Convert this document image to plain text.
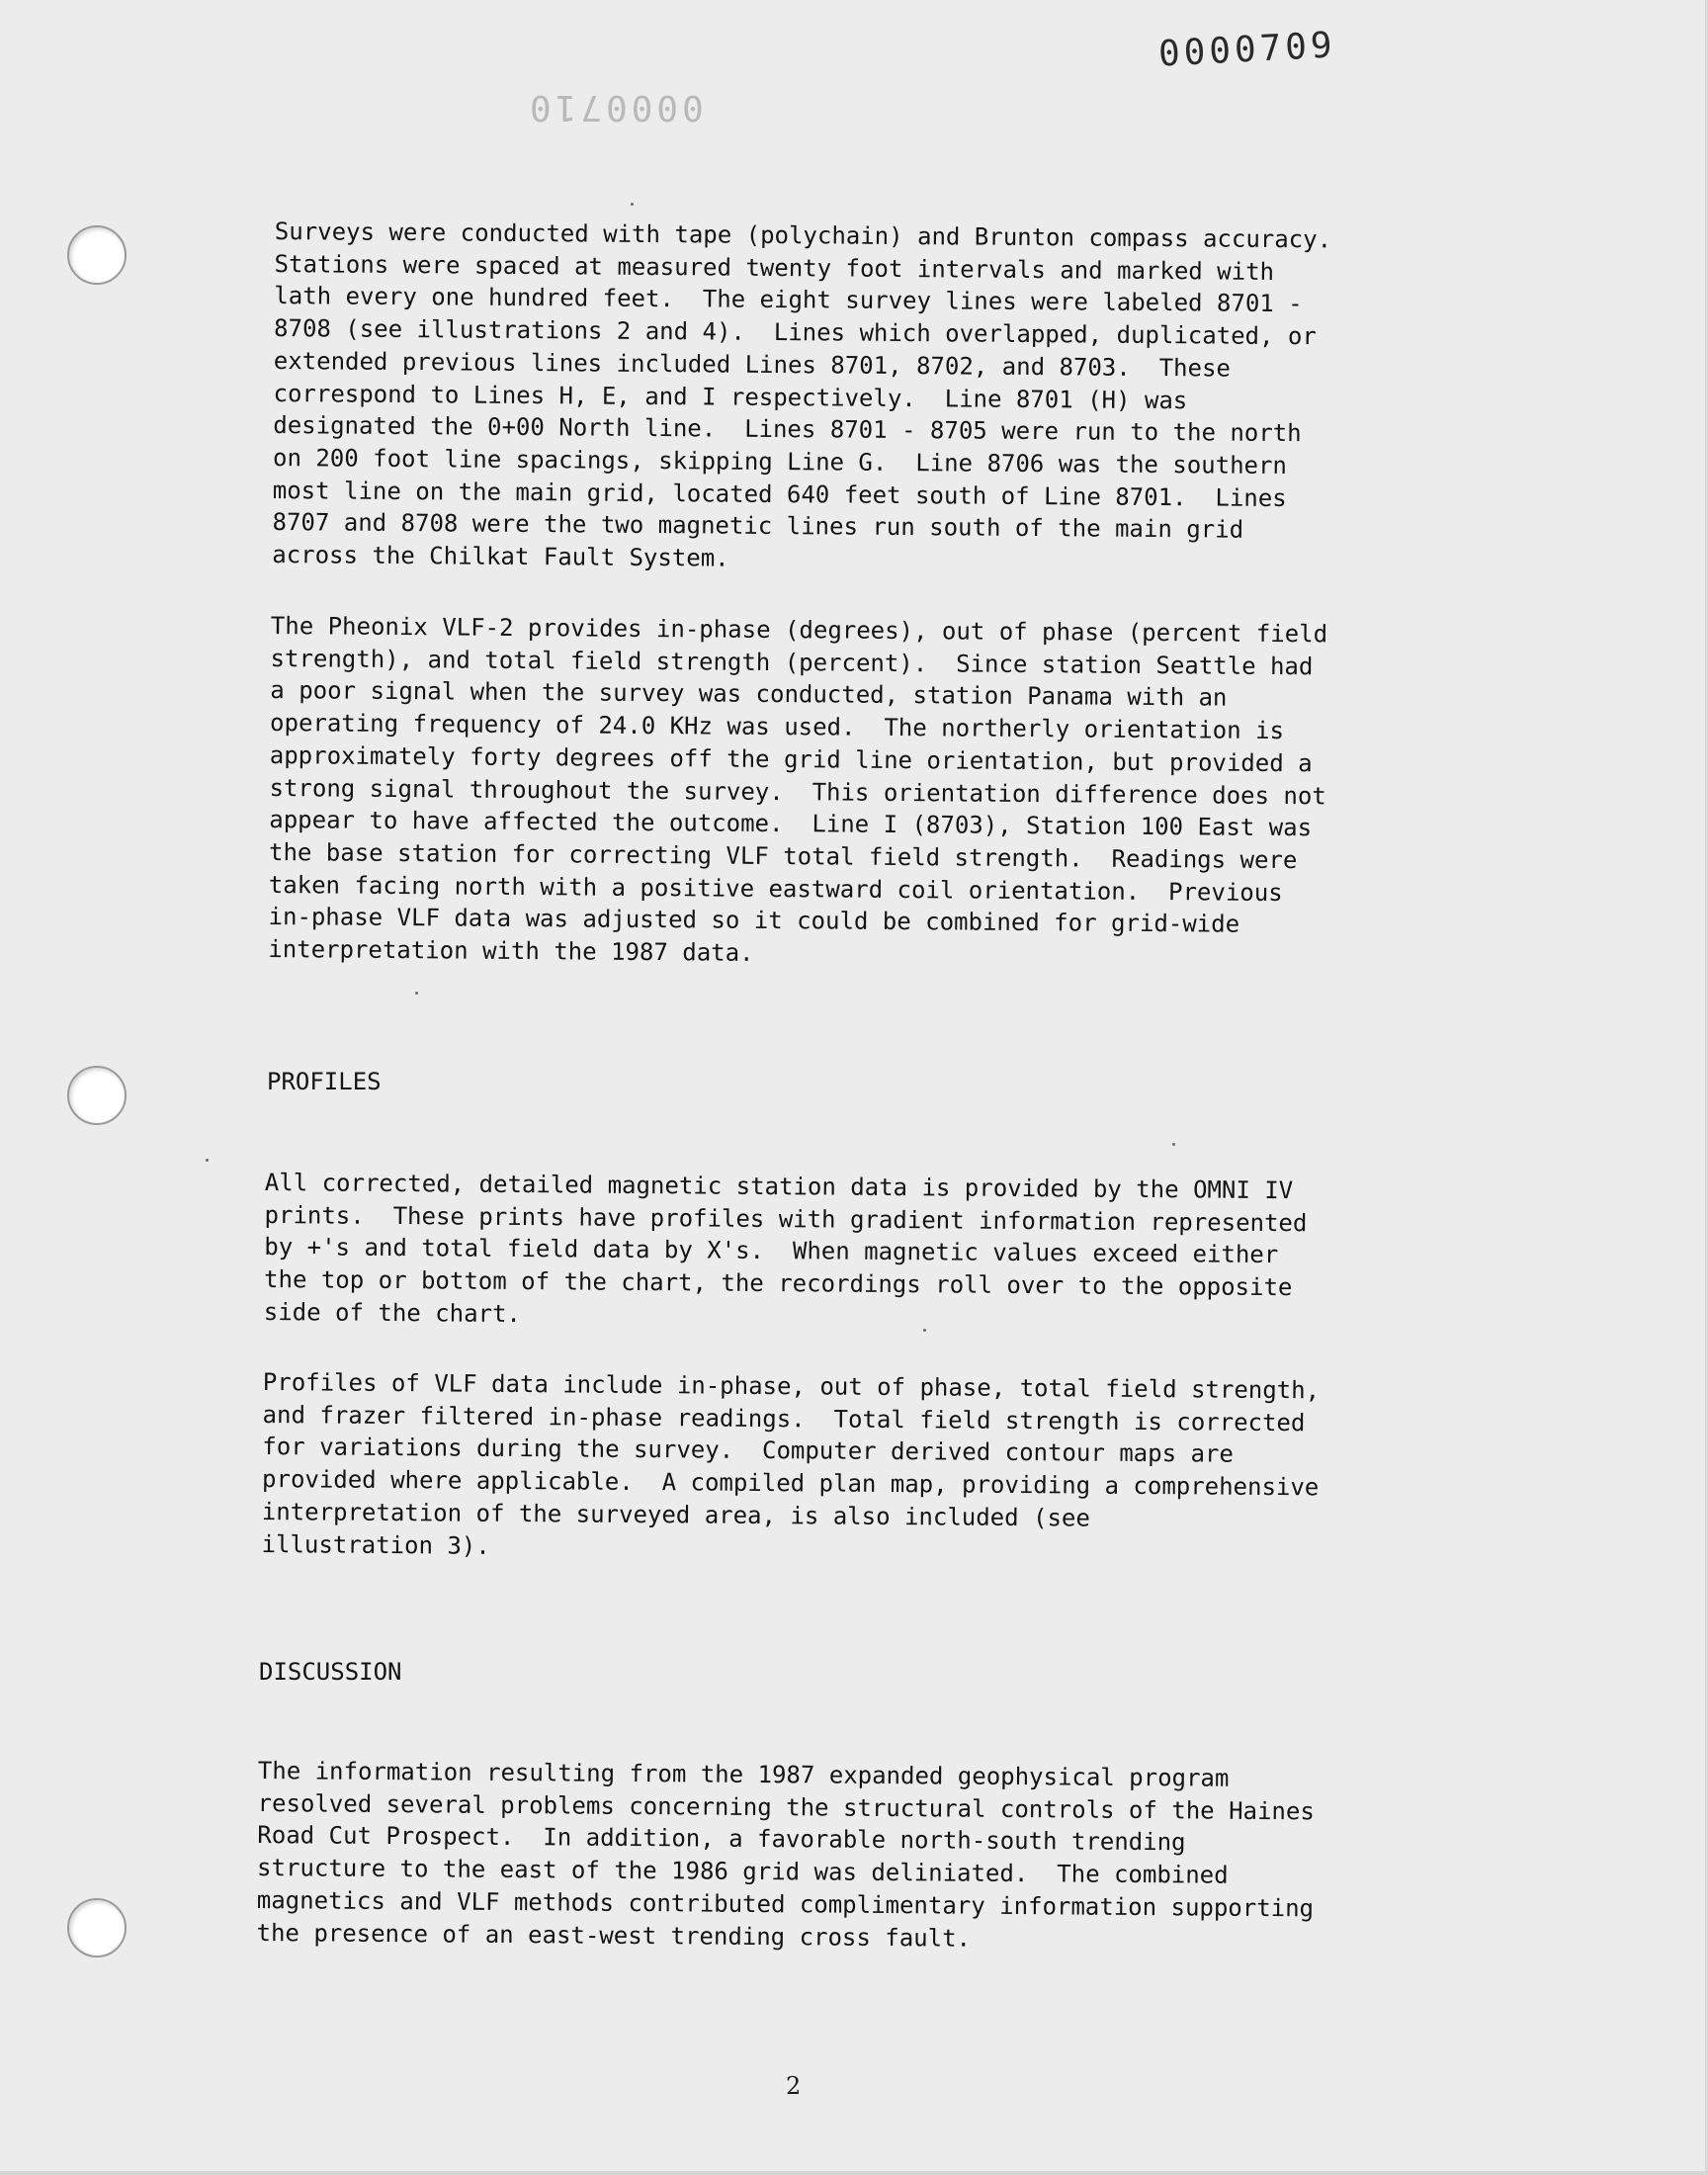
0000710
0000709

Surveys were conducted with tape (polychain) and Brunton compass accuracy.
Stations were spaced at measured twenty foot intervals and marked with
lath every one hundred feet.  The eight survey lines were labeled 8701 -
8708 (see illustrations 2 and 4).  Lines which overlapped, duplicated, or
extended previous lines included Lines 8701, 8702, and 8703.  These
correspond to Lines H, E, and I respectively.  Line 8701 (H) was
designated the 0+00 North line.  Lines 8701 - 8705 were run to the north
on 200 foot line spacings, skipping Line G.  Line 8706 was the southern
most line on the main grid, located 640 feet south of Line 8701.  Lines
8707 and 8708 were the two magnetic lines run south of the main grid
across the Chilkat Fault System.

The Pheonix VLF-2 provides in-phase (degrees), out of phase (percent field
strength), and total field strength (percent).  Since station Seattle had
a poor signal when the survey was conducted, station Panama with an
operating frequency of 24.0 KHz was used.  The northerly orientation is
approximately forty degrees off the grid line orientation, but provided a
strong signal throughout the survey.  This orientation difference does not
appear to have affected the outcome.  Line I (8703), Station 100 East was
the base station for correcting VLF total field strength.  Readings were
taken facing north with a positive eastward coil orientation.  Previous
in-phase VLF data was adjusted so it could be combined for grid-wide
interpretation with the 1987 data.

PROFILES

All corrected, detailed magnetic station data is provided by the OMNI IV
prints.  These prints have profiles with gradient information represented
by +'s and total field data by X's.  When magnetic values exceed either
the top or bottom of the chart, the recordings roll over to the opposite
side of the chart.

Profiles of VLF data include in-phase, out of phase, total field strength,
and frazer filtered in-phase readings.  Total field strength is corrected
for variations during the survey.  Computer derived contour maps are
provided where applicable.  A compiled plan map, providing a comprehensive
interpretation of the surveyed area, is also included (see
illustration 3).

DISCUSSION

The information resulting from the 1987 expanded geophysical program
resolved several problems concerning the structural controls of the Haines
Road Cut Prospect.  In addition, a favorable north-south trending
structure to the east of the 1986 grid was deliniated.  The combined
magnetics and VLF methods contributed complimentary information supporting
the presence of an east-west trending cross fault.

2
